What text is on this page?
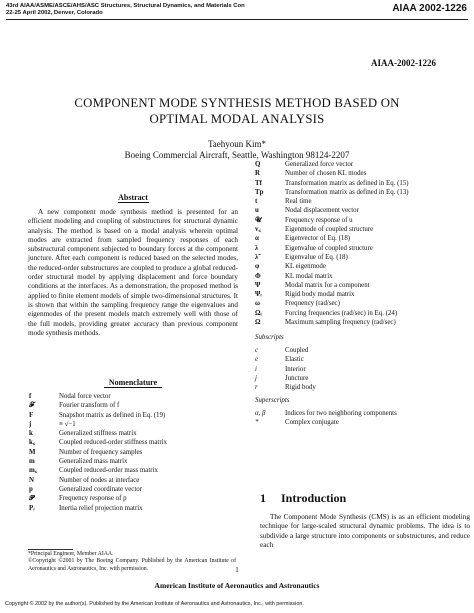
43rd AIAA/ASME/ASCE/AHS/ASC Structures, Structural Dynamics, and Materials Con
22-25 April 2002, Denver, Colorado	AIAA 2002-1226
AIAA-2002-1226
COMPONENT MODE SYNTHESIS METHOD BASED ON
OPTIMAL MODAL ANALYSIS
Taehyoun Kim*
Boeing Commercial Aircraft, Seattle, Washington 98124-2207
Abstract

A new component mode synthesis method is presented for an efficient modeling and coupling of substructures for structural dynamic analysis. The method is based on a modal analysis wherein optimal modes are extracted from sampled frequency responses of each substructural component subjected to boundary forces at the component juncture. After each component is reduced based on the selected modes, the reduced-order substructures are coupled to produce a global reduced-order structural model by applying displacement and force boundary conditions at the interfaces. As a demonstration, the proposed method is applied to finite element models of simple two-dimensional structures. It is shown that within the sampling frequency range the eigenvalues and eigenmodes of the present models match extremely well with those of the full models, providing greater accuracy than previous component mode synthesis methods.

Nomenclature
f	Nodal force vector
𝓕	Fourier transform of f
F	Snapshot matrix as defined in Eq. (19)
j	≡ √−1
k	Generalized stiffness matrix
k꜀	Coupled reduced-order stiffness matrix
M	Number of frequency samples
m	Generalized mass matrix
m꜀	Coupled reduced-order mass matrix
N	Number of nodes at interface
p	Generalized coordinate vector
𝓟	Frequency response of p
Pᵣ	Inertia relief projection matrix
Q	Generalized force vector
R	Number of chosen KL modes
Tf	Transformation matrix as defined in Eq. (15)
Tp	Transformation matrix as defined in Eq. (13)
t	Real time
u	Nodal displacement vector
𝓤	Frequency response of u
v꜀	Eigenmode of coupled structure
α	Eigenvector of Eq. (18)
λ	Eigenvalue of coupled structure
λ̃	Eigenvalue of Eq. (18)
φ	KL eigenmode
Φ	KL modal matrix
Ψ	Modal matrix for a component
Ψᵣ	Rigid body modal matrix
ω	Frequency (rad/sec)
Ωᵢ	Forcing frequencies (rad/sec) in Eq. (24)
Ω	Maximum sampling frequency (rad/sec)
Subscripts
c	Coupled
e	Elastic
i	Interior
j	Juncture
r	Rigid body
Superscripts
α, β	Indices for two neighboring components
*	Complex conjugate
1 Introduction

The Component Mode Synthesis (CMS) is as an efficient modeling technique for large-scaled structural dynamic problems. The idea is to subdivide a large structure into components or substructures, and reduce each

*Principal Engineer, Member AIAA.
©Copyright ©2001 by The Boeing Company. Published by the American Institute of Aeronautics and Astronautics, Inc. with permission.	1
American Institute of Aeronautics and Astronautics
Copyright © 2002 by the author(s). Published by the American Institute of Aeronautics and Astronautics, Inc., with permission.
